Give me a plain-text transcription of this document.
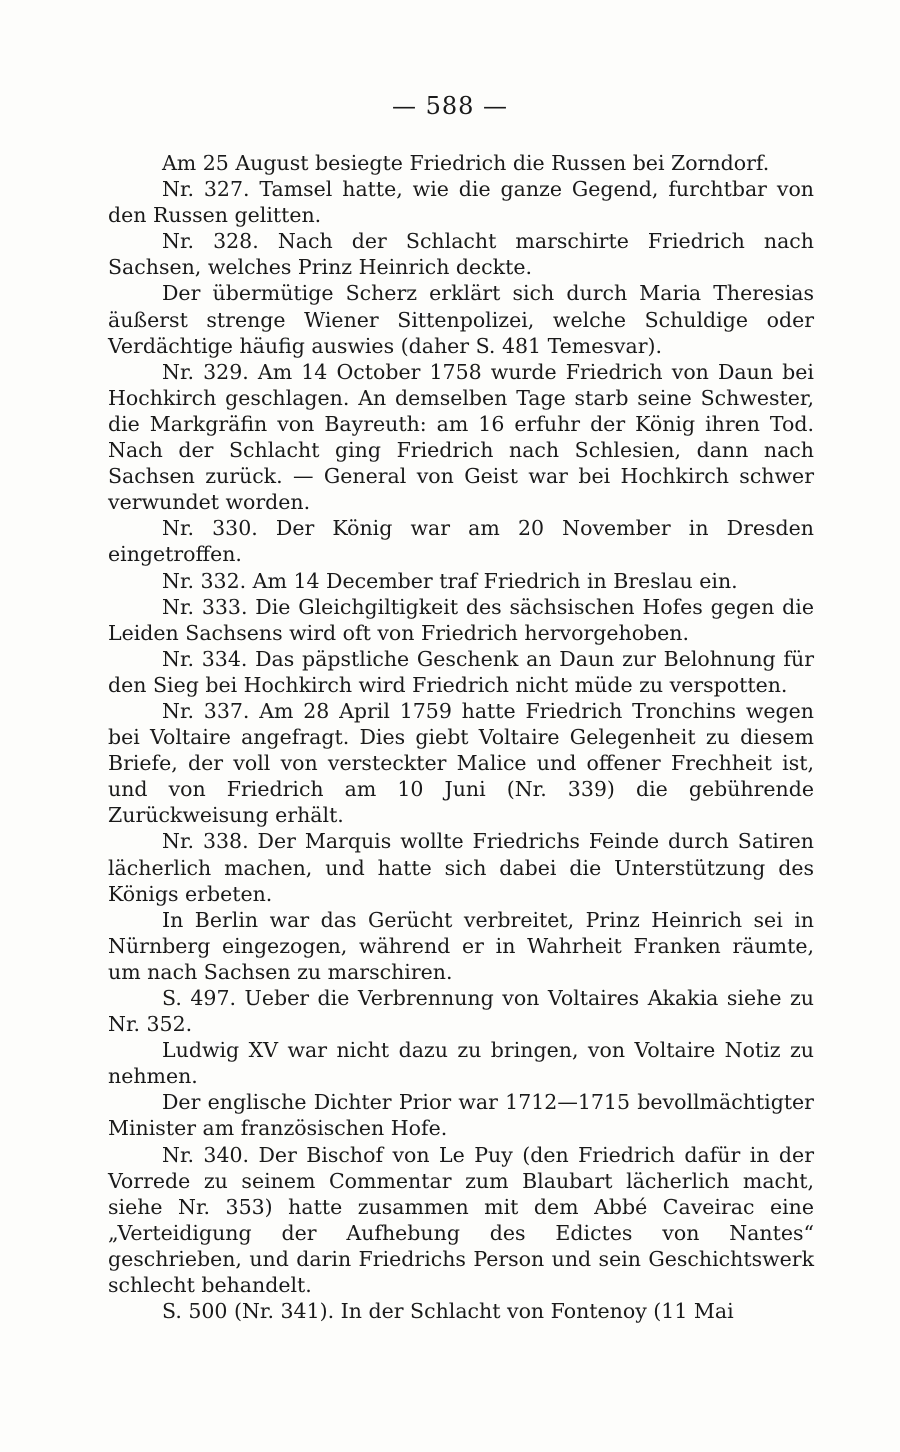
— 588 —

Am 25 August besiegte Friedrich die Russen bei Zorndorf.

Nr. 327. Tamsel hatte, wie die ganze Gegend, furchtbar von den Russen gelitten.

Nr. 328. Nach der Schlacht marschirte Friedrich nach Sachsen, welches Prinz Heinrich deckte.

Der übermütige Scherz erklärt sich durch Maria Theresias äußerst strenge Wiener Sittenpolizei, welche Schuldige oder Verdächtige häufig auswies (daher S. 481 Temesvar).

Nr. 329. Am 14 October 1758 wurde Friedrich von Daun bei Hochkirch geschlagen. An demselben Tage starb seine Schwester, die Markgräfin von Bayreuth: am 16 erfuhr der König ihren Tod. Nach der Schlacht ging Friedrich nach Schlesien, dann nach Sachsen zurück. — General von Geist war bei Hochkirch schwer verwundet worden.

Nr. 330. Der König war am 20 November in Dresden eingetroffen.

Nr. 332. Am 14 December traf Friedrich in Breslau ein.

Nr. 333. Die Gleichgiltigkeit des sächsischen Hofes gegen die Leiden Sachsens wird oft von Friedrich hervorgehoben.

Nr. 334. Das päpstliche Geschenk an Daun zur Belohnung für den Sieg bei Hochkirch wird Friedrich nicht müde zu verspotten.

Nr. 337. Am 28 April 1759 hatte Friedrich Tronchins wegen bei Voltaire angefragt. Dies giebt Voltaire Gelegenheit zu diesem Briefe, der voll von versteckter Malice und offener Frechheit ist, und von Friedrich am 10 Juni (Nr. 339) die gebührende Zurückweisung erhält.

Nr. 338. Der Marquis wollte Friedrichs Feinde durch Satiren lächerlich machen, und hatte sich dabei die Unterstützung des Königs erbeten.

In Berlin war das Gerücht verbreitet, Prinz Heinrich sei in Nürnberg eingezogen, während er in Wahrheit Franken räumte, um nach Sachsen zu marschiren.

S. 497. Ueber die Verbrennung von Voltaires Akakia siehe zu Nr. 352.

Ludwig XV war nicht dazu zu bringen, von Voltaire Notiz zu nehmen.

Der englische Dichter Prior war 1712—1715 bevollmächtigter Minister am französischen Hofe.

Nr. 340. Der Bischof von Le Puy (den Friedrich dafür in der Vorrede zu seinem Commentar zum Blaubart lächerlich macht, siehe Nr. 353) hatte zusammen mit dem Abbé Caveirac eine „Verteidigung der Aufhebung des Edictes von Nantes“ geschrieben, und darin Friedrichs Person und sein Geschichtswerk schlecht behandelt.

S. 500 (Nr. 341). In der Schlacht von Fontenoy (11 Mai
